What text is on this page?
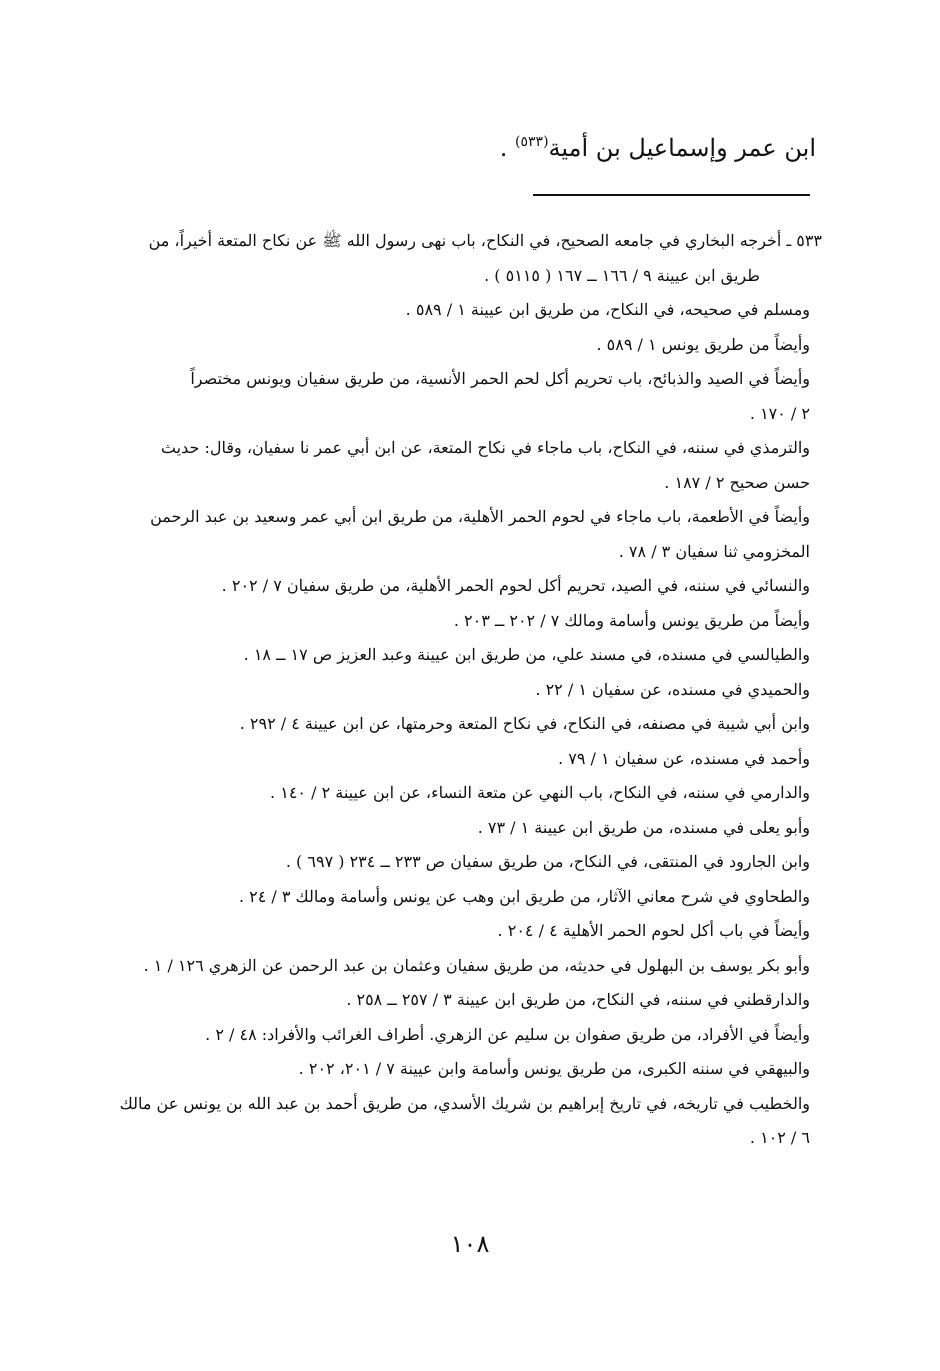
ابن عمر وإسماعيل بن أمية$^{(٥٣٣)}$ .
٥٣٣ ـ أخرجه البخاري في جامعه الصحيح، في النكاح، باب نهى رسول الله ﷺ عن نكاح المتعة أخيراً، من
طريق ابن عيينة ٩ / ١٦٦ ــ ١٦٧ ( ٥١١٥ ) .
ومسلم في صحيحه، في النكاح، من طريق ابن عيينة ١ / ٥٨٩ .
وأيضاً من طريق يونس ١ / ٥٨٩ .
وأيضاً في الصيد والذبائح، باب تحريم أكل لحم الحمر الأنسية، من طريق سفيان ويونس مختصراً
٢ / ١٧٠ .
والترمذي في سننه، في النكاح، باب ماجاء في نكاح المتعة، عن ابن أبي عمر نا سفيان، وقال: حديث
حسن صحيح ٢ / ١٨٧ .
وأيضاً في الأطعمة، باب ماجاء في لحوم الحمر الأهلية، من طريق ابن أبي عمر وسعيد بن عبد الرحمن
المخزومي ثنا سفيان ٣ / ٧٨ .
والنسائي في سننه، في الصيد، تحريم أكل لحوم الحمر الأهلية، من طريق سفيان ٧ / ٢٠٢ .
وأيضاً من طريق يونس وأسامة ومالك ٧ / ٢٠٢ ــ ٢٠٣ .
والطيالسي في مسنده، في مسند علي، من طريق ابن عيينة وعبد العزيز ص ١٧ ــ ١٨ .
والحميدي في مسنده، عن سفيان ١ / ٢٢ .
وابن أبي شيبة في مصنفه، في النكاح، في نكاح المتعة وحرمتها، عن ابن عيينة ٤ / ٢٩٢ .
وأحمد في مسنده، عن سفيان ١ / ٧٩ .
والدارمي في سننه، في النكاح، باب النهي عن متعة النساء، عن ابن عيينة ٢ / ١٤٠ .
وأبو يعلى في مسنده، من طريق ابن عيينة ١ / ٧٣ .
وابن الجارود في المنتقى، في النكاح، من طريق سفيان ص ٢٣٣ ــ ٢٣٤ ( ٦٩٧ ) .
والطحاوي في شرح معاني الآثار، من طريق ابن وهب عن يونس وأسامة ومالك ٣ / ٢٤ .
وأيضاً في باب أكل لحوم الحمر الأهلية ٤ / ٢٠٤ .
وأبو بكر يوسف بن البهلول في حديثه، من طريق سفيان وعثمان بن عبد الرحمن عن الزهري ١٢٦ / ١ .
والدارقطني في سننه، في النكاح، من طريق ابن عيينة ٣ / ٢٥٧ ــ ٢٥٨ .
وأيضاً في الأفراد، من طريق صفوان بن سليم عن الزهري. أطراف الغرائب والأفراد: ٤٨ / ٢ .
والبيهقي في سننه الكبرى، من طريق يونس وأسامة وابن عيينة ٧ / ٢٠١، ٢٠٢ .
والخطيب في تاريخه، في تاريخ إبراهيم بن شريك الأسدي، من طريق أحمد بن عبد الله بن يونس عن مالك
٦ / ١٠٢ .
١٠٨
